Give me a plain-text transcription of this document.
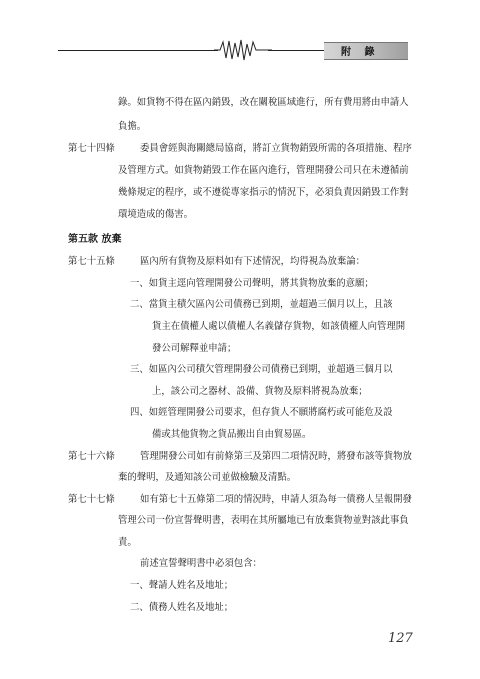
附 錄
錄。如貨物不得在區內銷毀，改在關稅區域進行，所有費用將由申請人
負擔。
第七十四條	委員會經與海關總局協商，將訂立貨物銷毀所需的各項措施、程序
及管理方式。如貨物銷毀工作在區內進行，管理開發公司只在未遵循前
幾條規定的程序，或不遵從專家指示的情況下，必須負責因銷毀工作對
環境造成的傷害。
第五款 放棄
第七十五條	區內所有貨物及原料如有下述情況，均得視為放棄論：
一、如貨主逕向管理開發公司聲明，將其貨物放棄的意願；
二、當貨主積欠區內公司債務已到期，並超過三個月以上，且該
貨主在債權人處以債權人名義儲存貨物，如該債權人向管理開
發公司解釋並申請；
三、如區內公司積欠管理開發公司債務已到期，並超過三個月以
上，該公司之器材、設備、貨物及原料將視為放棄；
四、如經管理開發公司要求，但存貨人不願將腐朽或可能危及設
備或其他貨物之貨品搬出自由貿易區。
第七十六條	管理開發公司如有前條第三及第四二項情況時，將發布該等貨物放
棄的聲明，及通知該公司並做檢驗及清點。
第七十七條	如有第七十五條第二項的情況時，申請人須為每一債務人呈報開發
管理公司一份宣誓聲明書，表明在其所屬地已有放棄貨物並對該此事負
責。
前述宣誓聲明書中必須包含：
一、聲請人姓名及地址；
二、債務人姓名及地址；
127
